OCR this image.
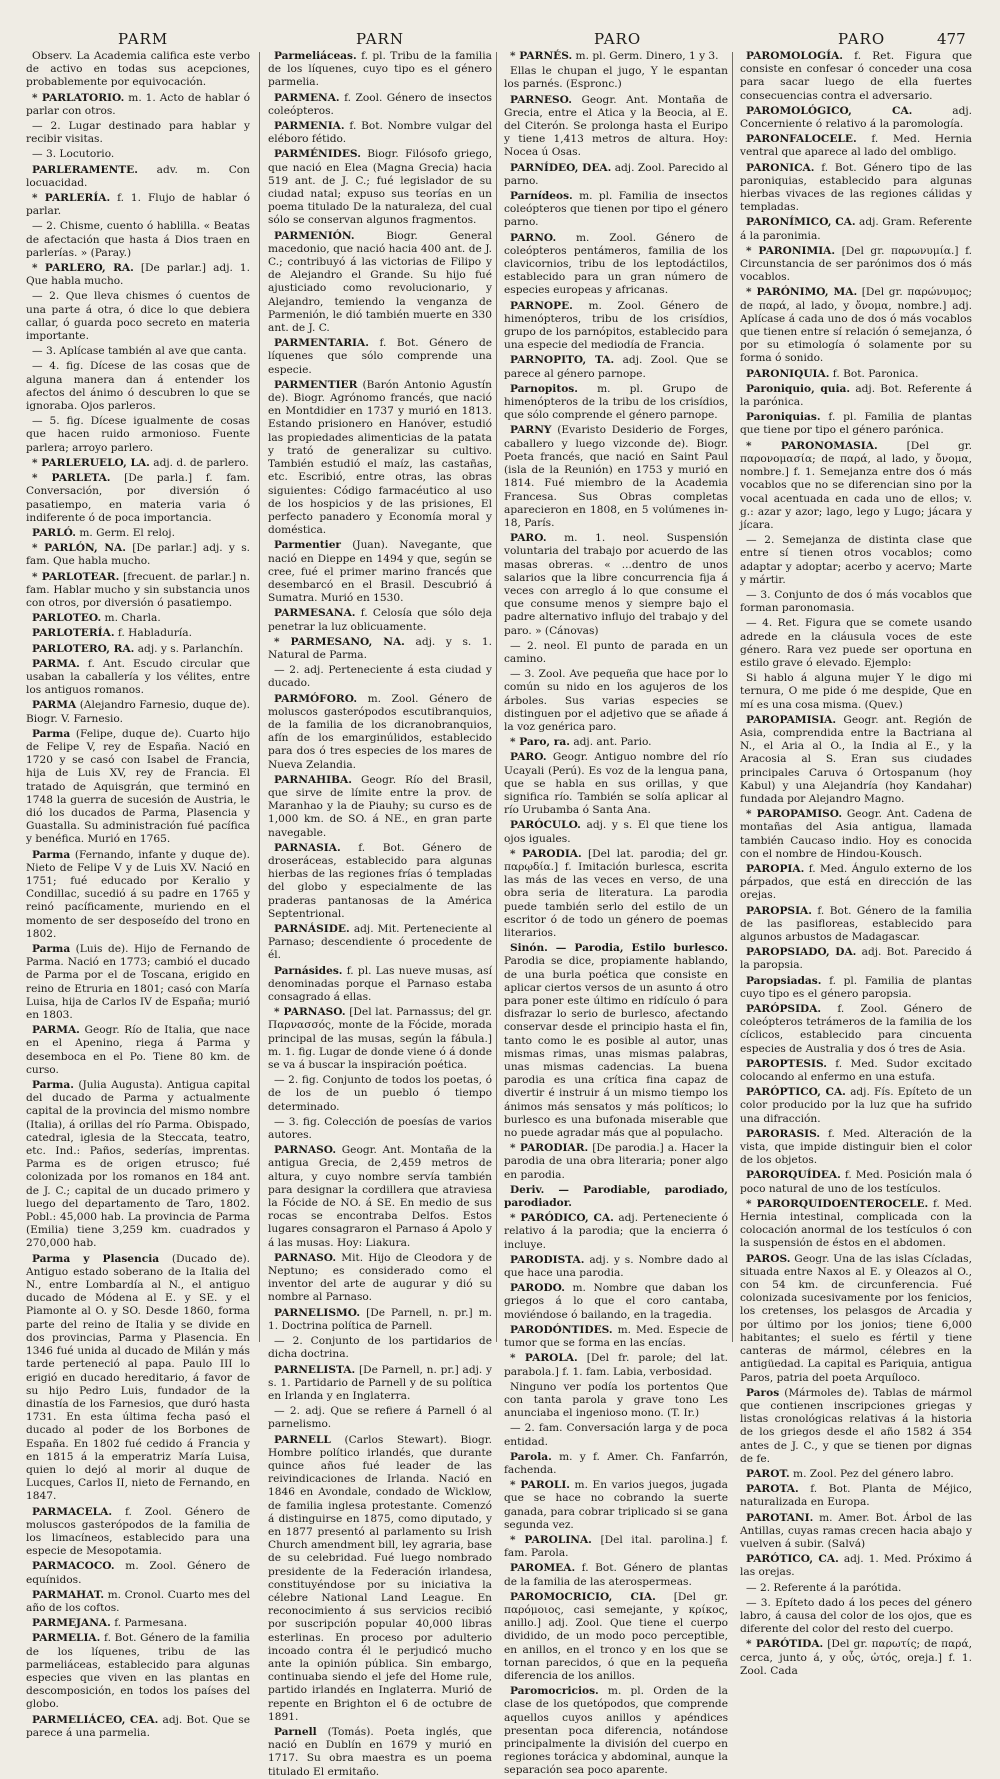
PARM	PARN	PARO	PARO	477

Observ. La Academia califica este verbo de activo en todas sus acepciones, probablemente por equivocación.

* PARLATORIO. m. 1. Acto de hablar ó parlar con otros.

— 2. Lugar destinado para hablar y recibir visitas.

— 3. Locutorio.

PARLERAMENTE. adv. m. Con locuacidad.

* PARLERÍA. f. 1. Flujo de hablar ó parlar.

— 2. Chisme, cuento ó hablilla. « Beatas de afectación que hasta á Dios traen en parlerías. » (Paray.)

* PARLERO, RA. [De parlar.] adj. 1. Que habla mucho.

— 2. Que lleva chismes ó cuentos de una parte á otra, ó dice lo que debiera callar, ó guarda poco secreto en materia importante.

— 3. Aplícase también al ave que canta.

— 4. fig. Dícese de las cosas que de alguna manera dan á entender los afectos del ánimo ó descubren lo que se ignoraba. Ojos parleros.

— 5. fig. Dícese igualmente de cosas que hacen ruido armonioso. Fuente parlera; arroyo parlero.

* PARLERUELO, LA. adj. d. de parlero.

* PARLETA. [De parla.] f. fam. Conversación, por diversión ó pasatiempo, en materia varia ó indiferente ó de poca importancia.

PARLÓ. m. Germ. El reloj.

* PARLÓN, NA. [De parlar.] adj. y s. fam. Que habla mucho.

* PARLOTEAR. [frecuent. de parlar.] n. fam. Hablar mucho y sin substancia unos con otros, por diversión ó pasatiempo.

PARLOTEO. m. Charla.

PARLOTERÍA. f. Habladuría.

PARLOTERO, RA. adj. y s. Parlanchín.

PARMA. f. Ant. Escudo circular que usaban la caballería y los vélites, entre los antiguos romanos.

PARMA (Alejandro Farnesio, duque de). Biogr. V. Farnesio.

Parma (Felipe, duque de). Cuarto hijo de Felipe V, rey de España. Nació en 1720 y se casó con Isabel de Francia, hija de Luis XV, rey de Francia. El tratado de Aquisgrán, que terminó en 1748 la guerra de sucesión de Austria, le dió los ducados de Parma, Plasencia y Guastalla. Su administración fué pacífica y benéfica. Murió en 1765.

Parma (Fernando, infante y duque de). Nieto de Felipe V y de Luis XV. Nació en 1751; fué educado por Keralio y Condillac, sucedió á su padre en 1765 y reinó pacíficamente, muriendo en el momento de ser desposeído del trono en 1802.

Parma (Luis de). Hijo de Fernando de Parma. Nació en 1773; cambió el ducado de Parma por el de Toscana, erigido en reino de Etruria en 1801; casó con María Luisa, hija de Carlos IV de España; murió en 1803.

PARMA. Geogr. Río de Italia, que nace en el Apenino, riega á Parma y desemboca en el Po. Tiene 80 km. de curso.

Parma. (Julia Augusta). Antigua capital del ducado de Parma y actualmente capital de la provincia del mismo nombre (Italia), á orillas del río Parma. Obispado, catedral, iglesia de la Steccata, teatro, etc. Ind.: Paños, sederías, imprentas. Parma es de origen etrusco; fué colonizada por los romanos en 184 ant. de J. C.; capital de un ducado primero y luego del departamento de Taro, 1802. Pobl.: 45,000 hab. La provincia de Parma (Emilia) tiene 3,259 km. cuadrados y 270,000 hab.

Parma y Plasencia (Ducado de). Antiguo estado soberano de la Italia del N., entre Lombardía al N., el antiguo ducado de Módena al E. y SE. y el Piamonte al O. y SO. Desde 1860, forma parte del reino de Italia y se divide en dos provincias, Parma y Plasencia. En 1346 fué unida al ducado de Milán y más tarde perteneció al papa. Paulo III lo erigió en ducado hereditario, á favor de su hijo Pedro Luis, fundador de la dinastía de los Farnesios, que duró hasta 1731. En esta última fecha pasó el ducado al poder de los Borbones de España. En 1802 fué cedido á Francia y en 1815 á la emperatriz María Luisa, quien lo dejó al morir al duque de Lucques, Carlos II, nieto de Fernando, en 1847.

PARMACELA. f. Zool. Género de moluscos gasterópodos de la familia de los limacíneos, establecido para una especie de Mesopotamia.

PARMACOCO. m. Zool. Género de equínidos.

PARMAHAT. m. Cronol. Cuarto mes del año de los coftos.

PARMEJANA. f. Parmesana.

PARMELIA. f. Bot. Género de la familia de los líquenes, tribu de las parmeliáceas, establecido para algunas especies que viven en las plantas en descomposición, en todos los países del globo.

PARMELIÁCEO, CEA. adj. Bot. Que se parece á una parmelia.

Parmeliáceas. f. pl. Tribu de la familia de los líquenes, cuyo tipo es el género parmelia.

PARMENA. f. Zool. Género de insectos coleópteros.

PARMENIA. f. Bot. Nombre vulgar del eléboro fétido.

PARMÉNIDES. Biogr. Filósofo griego, que nació en Elea (Magna Grecia) hacia 519 ant. de J. C.; fué legislador de su ciudad natal; expuso sus teorías en un poema titulado De la naturaleza, del cual sólo se conservan algunos fragmentos.

PARMENIÓN.	Biogr. General macedonio, que nació hacia 400 ant. de J. C.; contribuyó á las victorias de Filipo y de Alejandro el Grande. Su hijo fué ajusticiado como revolucionario, y Alejandro, temiendo la venganza de Parmenión, le dió también muerte en 330 ant. de J. C.

PARMENTARIA. f. Bot. Género de líquenes que sólo comprende una especie.

PARMENTIER (Barón Antonio Agustín de). Biogr. Agrónomo francés, que nació en Montdidier en 1737 y murió en 1813. Estando prisionero en Hanóver, estudió las propiedades alimenticias de la patata y trató de generalizar su cultivo. También estudió el maíz, las castañas, etc. Escribió, entre otras, las obras siguientes: Código farmacéutico al uso de los hospicios y de las prisiones, El perfecto panadero y Economía moral y doméstica.

Parmentier (Juan). Navegante, que nació en Dieppe en 1494 y que, según se cree, fué el primer marino francés que desembarcó en el Brasil. Descubrió á Sumatra. Murió en 1530.

PARMESANA. f. Celosía que sólo deja penetrar la luz oblicuamente.

* PARMESANO, NA. adj. y s. 1. Natural de Parma.

— 2. adj. Perteneciente á esta ciudad y ducado.

PARMÓFORO. m. Zool. Género de moluscos gasterópodos escutibranquios, de la familia de los dicranobranquios, afín de los emarginúlidos, establecido para dos ó tres especies de los mares de Nueva Zelandia.

PARNAHIBA. Geogr. Río del Brasil, que sirve de límite entre la prov. de Maranhao y la de Piauhy; su curso es de 1,000 km. de SO. á NE., en gran parte navegable.

PARNASIA. f. Bot. Género de droseráceas, establecido para algunas hierbas de las regiones frías ó templadas del globo y especialmente de las praderas pantanosas de la América Septentrional.

PARNÁSIDE. adj. Mit. Perteneciente al Parnaso; descendiente ó procedente de él.

Parnásides. f. pl. Las nueve musas, así denominadas porque el Parnaso estaba consagrado á ellas.

* PARNASO. [Del lat. Parnassus; del gr. Παρνασσός, monte de la Fócide, morada principal de las musas, según la fábula.] m. 1. fig. Lugar de donde viene ó á donde se va á buscar la inspiración poética.

— 2. fig. Conjunto de todos los poetas, ó de los de un pueblo ó tiempo determinado.

— 3. fig. Colección de poesías de varios autores.

PARNASO. Geogr. Ant. Montaña de la antigua Grecia, de 2,459 metros de altura, y cuyo nombre servía también para designar la cordillera que atraviesa la Fócide de NO. á SE. En medio de sus rocas se encontraba Delfos. Estos lugares consagraron el Parnaso á Apolo y á las musas. Hoy: Liakura.

PARNASO. Mit. Hijo de Cleodora y de Neptuno; es considerado como el inventor del arte de augurar y dió su nombre al Parnaso.

PARNELISMO. [De Parnell, n. pr.] m. 1. Doctrina política de Parnell.

— 2. Conjunto de los partidarios de dicha doctrina.

PARNELISTA. [De Parnell, n. pr.] adj. y s. 1. Partidario de Parnell y de su política en Irlanda y en Inglaterra.

— 2. adj. Que se refiere á Parnell ó al parnelismo.

PARNELL (Carlos Stewart). Biogr. Hombre político irlandés, que durante quince años fué leader de las reivindicaciones de Irlanda. Nació en 1846 en Avondale, condado de Wicklow, de familia inglesa protestante. Comenzó á distinguirse en 1875, como diputado, y en 1877 presentó al parlamento su Irish Church amendment bill, ley agraria, base de su celebridad. Fué luego nombrado presidente de la Federación irlandesa, constituyéndose por su iniciativa la célebre National Land League. En reconocimiento á sus servicios recibió por suscripción popular 40,000 libras esterlinas. En proceso por adulterio incoado contra él le perjudicó mucho ante la opinión pública. Sin embargo, continuaba siendo el jefe del Home rule, partido irlandés en Inglaterra. Murió de repente en Brighton el 6 de octubre de 1891.

Parnell (Tomás). Poeta inglés, que nació en Dublín en 1679 y murió en 1717. Su obra maestra es un poema titulado El ermitaño.

* PARNÉS. m. pl. Germ. Dinero, 1 y 3.

Ellas le chupan el jugo, Y le espantan los parnés. (Espronc.)

PARNESO. Geogr. Ant. Montaña de Grecia, entre el Atica y la Beocia, al E. del Citerón. Se prolonga hasta el Euripo y tiene 1,413 metros de altura. Hoy: Nocea ú Osas.

PARNÍDEO, DEA. adj. Zool. Parecido al parno.

Parnídeos. m. pl. Familia de insectos coleópteros que tienen por tipo el género parno.

PARNO. m. Zool. Género de coleópteros pentámeros, familia de los clavicornios, tribu de los leptodáctilos, establecido para un gran número de especies europeas y africanas.

PARNOPE. m. Zool. Género de himenópteros, tribu de los crisídios, grupo de los parnópitos, establecido para una especie del mediodía de Francia.

PARNOPITO, TA. adj. Zool. Que se parece al género parnope.

Parnopitos. m. pl. Grupo de himenópteros de la tribu de los crisídios, que sólo comprende el género parnope.

PARNY (Evaristo Desiderio de Forges, caballero y luego vizconde de). Biogr. Poeta francés, que nació en Saint Paul (isla de la Reunión) en 1753 y murió en 1814. Fué miembro de la Academia Francesa. Sus Obras completas aparecieron en 1808, en 5 volúmenes in-18, París.

PARO. m. 1. neol. Suspensión voluntaria del trabajo por acuerdo de las masas obreras. « ...dentro de unos salarios que la libre concurrencia fija á veces con arreglo á lo que consume el que consume menos y siempre bajo el padre alternativo influjo del trabajo y del paro. » (Cánovas)

— 2. neol. El punto de parada en un camino.

— 3. Zool. Ave pequeña que hace por lo común su nido en los agujeros de los árboles. Sus varias especies se distinguen por el adjetivo que se añade á la voz genérica paro.

* Paro, ra. adj. ant. Pario.

PARO. Geogr. Antiguo nombre del río Ucayali (Perú). Es voz de la lengua pana, que se habla en sus orillas, y que significa río. También se solía aplicar al río Urubamba ó Santa Ana.

PARÓCULO. adj. y s. El que tiene los ojos iguales.

* PARODIA. [Del lat. parodia; del gr. παρῳδία.] f. Imitación burlesca, escrita las más de las veces en verso, de una obra seria de literatura. La parodia puede también serlo del estilo de un escritor ó de todo un género de poemas literarios.

Sinón. — Parodia, Estilo burlesco. Parodia se dice, propiamente hablando, de una burla poética que consiste en aplicar ciertos versos de un asunto á otro para poner este último en ridículo ó para disfrazar lo serio de burlesco, afectando conservar desde el principio hasta el fin, tanto como le es posible al autor, unas mismas rimas, unas mismas palabras, unas mismas cadencias. La buena parodia es una crítica fina capaz de divertir é instruir á un mismo tiempo los ánimos más sensatos y más políticos; lo burlesco es una bufonada miserable que no puede agradar más que al populacho.

* PARODIAR. [De parodia.] a. Hacer la parodia de una obra literaria; poner algo en parodia.

Deriv. — Parodiable, parodiado, parodiador.

* PARÓDICO, CA. adj. Perteneciente ó relativo á la parodia; que la encierra ó incluye.

PARODISTA. adj. y s. Nombre dado al que hace una parodia.

PARODO. m. Nombre que daban los griegos á lo que el coro cantaba, moviéndose ó bailando, en la tragedia.

PARODÓNTIDES. m. Med. Especie de tumor que se forma en las encías.

* PAROLA. [Del fr. parole; del lat. parabola.] f. 1. fam. Labia, verbosidad.

Ninguno ver podía los portentos Que con tanta parola y grave tono Les anunciaba el ingenioso mono. (T. Ir.)

— 2. fam. Conversación larga y de poca entidad.

Parola. m. y f. Amer. Ch. Fanfarrón, fachenda.

* PAROLI. m. En varios juegos, jugada que se hace no cobrando la suerte ganada, para cobrar triplicado si se gana segunda vez.

* PAROLINA. [Del ital. parolina.] f. fam. Parola.

PAROMEA. f. Bot. Género de plantas de la familia de las aterospermeas.

PAROMOCRICIO, CIA. [Del gr. παρόμοιος, casi semejante, y κρίκος, anillo.] adj. Zool. Que tiene el cuerpo dividido, de un modo poco perceptible, en anillos, en el tronco y en los que se tornan parecidos, ó que en la pequeña diferencia de los anillos.

Paromocricios. m. pl. Orden de la clase de los quetópodos, que comprende aquellos cuyos anillos y apéndices presentan poca diferencia, notándose principalmente la división del cuerpo en regiones torácica y abdominal, aunque la separación sea poco aparente.

PAROMOLOGÍA. f. Ret. Figura que consiste en confesar ó conceder una cosa para sacar luego de ella fuertes consecuencias contra el adversario.

PAROMOLÓGICO, CA.	adj. Concerniente ó relativo á la paromología.

PARONFALOCELE. f. Med. Hernia ventral que aparece al lado del ombligo.

PARONICA. f. Bot. Género tipo de las paroniquias, establecido para algunas hierbas vivaces de las regiones cálidas y templadas.

PARONÍMICO, CA. adj. Gram. Referente á la paronimia.

* PARONIMIA. [Del gr. παρωνυμία.] f. Circunstancia de ser parónimos dos ó más vocablos.

* PARÓNIMO, MA. [Del gr. παρώνυμος; de παρά, al lado, y ὄνομα, nombre.] adj. Aplícase á cada uno de dos ó más vocablos que tienen entre sí relación ó semejanza, ó por su etimología ó solamente por su forma ó sonido.

PARONIQUIA. f. Bot. Paronica.

Paroniquio, quia. adj. Bot. Referente á la parónica.

Paroniquias. f. pl. Familia de plantas que tiene por tipo el género parónica.

* PARONOMASIA.	[Del gr. παρονομασία; de παρά, al lado, y ὄνομα, nombre.] f. 1. Semejanza entre dos ó más vocablos que no se diferencian sino por la vocal acentuada en cada uno de ellos; v. g.: azar y azor; lago, lego y Lugo; jácara y jícara.

— 2. Semejanza de distinta clase que entre sí tienen otros vocablos; como adaptar y adoptar; acerbo y acervo; Marte y mártir.

— 3. Conjunto de dos ó más vocablos que forman paronomasia.

— 4. Ret. Figura que se comete usando adrede en la cláusula voces de este género. Rara vez puede ser oportuna en estilo grave ó elevado. Ejemplo:

Si hablo á alguna mujer Y le digo mi ternura, O me pide ó me despide, Que en mí es una cosa misma. (Quev.)

PAROPAMISIA. Geogr. ant. Región de Asia, comprendida entre la Bactriana al N., el Aria al O., la India al E., y la Aracosia al S. Eran sus ciudades principales Caruva ó Ortospanum (hoy Kabul) y una Alejandría (hoy Kandahar) fundada por Alejandro Magno.

* PAROPAMISO. Geogr. Ant. Cadena de montañas del Asia antigua, llamada también Caucaso indio. Hoy es conocida con el nombre de Hindou-Kousch.

PAROPIA. f. Med. Ángulo externo de los párpados, que está en dirección de las orejas.

PAROPSIA. f. Bot. Género de la familia de las pasifloreas, establecido para algunos arbustos de Madagascar.

PAROPSIADO, DA. adj. Bot. Parecido á la paropsia.

Paropsiadas. f. pl. Familia de plantas cuyo tipo es el género paropsia.

PARÓPSIDA. f. Zool. Género de coleópteros tetrámeros de la familia de los cíclicos, establecido para cincuenta especies de Australia y dos ó tres de Asia.

PAROPTESIS. f. Med. Sudor excitado colocando al enfermo en una estufa.

PARÓPTICO, CA. adj. Fís. Epíteto de un color producido por la luz que ha sufrido una difracción.

PARORASIS. f. Med. Alteración de la vista, que impide distinguir bien el color de los objetos.

PARORQUÍDEA. f. Med. Posición mala ó poco natural de uno de los testículos.

* PARORQUIDOENTEROCELE. f. Med. Hernia intestinal, complicada con la colocación anormal de los testículos ó con la suspensión de éstos en el abdomen.

PAROS. Geogr. Una de las islas Cícladas, situada entre Naxos al E. y Oleazos al O., con 54 km. de circunferencia. Fué colonizada sucesivamente por los fenicios, los cretenses, los pelasgos de Arcadia y por último por los jonios; tiene 6,000 habitantes; el suelo es fértil y tiene canteras de mármol, célebres en la antigüedad. La capital es Pariquia, antigua Paros, patria del poeta Arquíloco.

Paros (Mármoles de). Tablas de mármol que contienen inscripciones griegas y listas cronológicas relativas á la historia de los griegos desde el año 1582 á 354 antes de J. C., y que se tienen por dignas de fe.

PAROT. m. Zool. Pez del género labro.

PAROTA. f. Bot. Planta de Méjico, naturalizada en Europa.

PAROTANI. m. Amer. Bot. Árbol de las Antillas, cuyas ramas crecen hacia abajo y vuelven á subir. (Salvá)

PARÓTICO, CA. adj. 1. Med. Próximo á las orejas.

— 2. Referente á la parótida.

— 3. Epíteto dado á los peces del género labro, á causa del color de los ojos, que es diferente del color del resto del cuerpo.

* PARÓTIDA. [Del gr. παρωτίς; de παρά, cerca, junto á, y οὖς, ὠτός, oreja.] f. 1. Zool. Cada
